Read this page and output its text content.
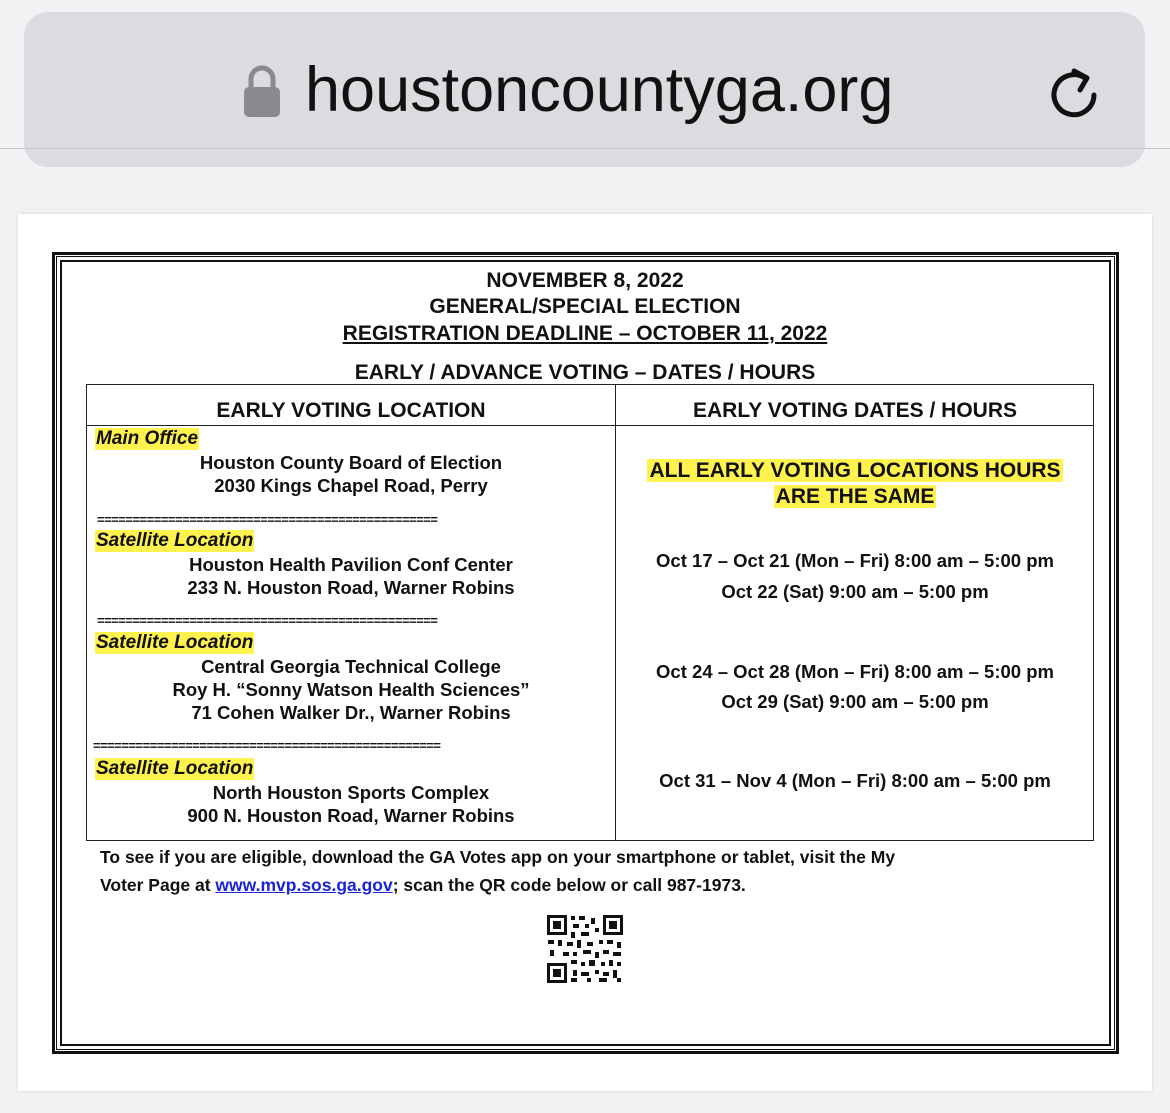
houstoncountyga.org
NOVEMBER 8, 2022
GENERAL/SPECIAL ELECTION
REGISTRATION DEADLINE – OCTOBER 11, 2022
EARLY / ADVANCE VOTING – DATES / HOURS
EARLY VOTING LOCATION	EARLY VOTING DATES / HOURS
Main Office
Houston County Board of Election
2030 Kings Chapel Road, Perry
================================================
Satellite Location
Houston Health Pavilion Conf Center
233 N. Houston Road, Warner Robins
================================================
Satellite Location
Central Georgia Technical College
Roy H. “Sonny Watson Health Sciences”
71 Cohen Walker Dr., Warner Robins
=================================================
Satellite Location
North Houston Sports Complex
900 N. Houston Road, Warner Robins
ALL EARLY VOTING LOCATIONS HOURS
ARE THE SAME
Oct 17 – Oct 21 (Mon – Fri) 8:00 am – 5:00 pm
Oct 22 (Sat) 9:00 am – 5:00 pm
Oct 24 – Oct 28 (Mon – Fri) 8:00 am – 5:00 pm
Oct 29 (Sat) 9:00 am – 5:00 pm
Oct 31 – Nov 4 (Mon – Fri) 8:00 am – 5:00 pm
To see if you are eligible, download the GA Votes app on your smartphone or tablet, visit the My
Voter Page at www.mvp.sos.ga.gov; scan the QR code below or call 987-1973.
